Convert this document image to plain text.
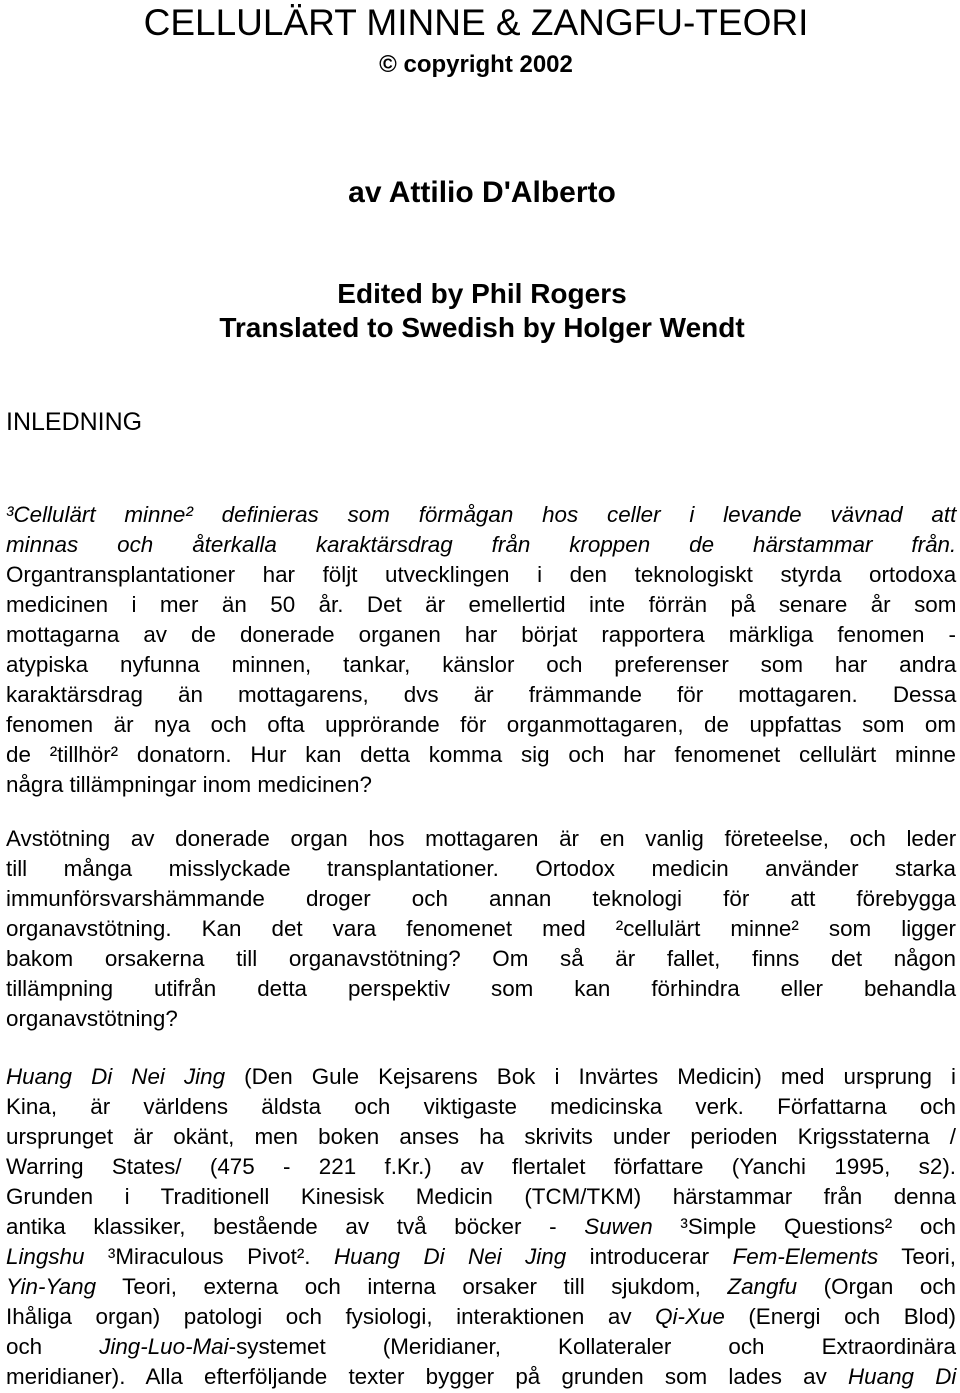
CELLULÄRT MINNE & ZANGFU-TEORI
© copyright 2002
av Attilio D'Alberto
Edited by Phil Rogers
Translated to Swedish by Holger Wendt
INLEDNING
³Cellulärt minne² definieras som förmågan hos celler i levande vävnad att
minnas och återkalla karaktärsdrag från kroppen de härstammar från.
Organtransplantationer har följt utvecklingen i den teknologiskt styrda ortodoxa
medicinen i mer än 50 år. Det är emellertid inte förrän på senare år som
mottagarna av de donerade organen har börjat rapportera märkliga fenomen -
atypiska nyfunna minnen, tankar, känslor och preferenser som har andra
karaktärsdrag än mottagarens, dvs är främmande för mottagaren. Dessa
fenomen är nya och ofta upprörande för organmottagaren, de uppfattas som om
de ²tillhör² donatorn. Hur kan detta komma sig och har fenomenet cellulärt minne
några tillämpningar inom medicinen?
Avstötning av donerade organ hos mottagaren är en vanlig företeelse, och leder
till många misslyckade transplantationer. Ortodox medicin använder starka
immunförsvarshämmande droger och annan teknologi för att förebygga
organavstötning. Kan det vara fenomenet med ²cellulärt minne² som ligger
bakom orsakerna till organavstötning? Om så är fallet, finns det någon
tillämpning utifrån detta perspektiv som kan förhindra eller behandla
organavstötning?
Huang Di Nei Jing (Den Gule Kejsarens Bok i Invärtes Medicin) med ursprung i
Kina, är världens äldsta och viktigaste medicinska verk. Författarna och
ursprunget är okänt, men boken anses ha skrivits under perioden Krigsstaterna /
Warring States/ (475 - 221 f.Kr.) av flertalet författare (Yanchi 1995, s2).
Grunden i Traditionell Kinesisk Medicin (TCM/TKM) härstammar från denna
antika klassiker, bestående av två böcker - Suwen ³Simple Questions² och
Lingshu ³Miraculous Pivot². Huang Di Nei Jing introducerar Fem-Elements Teori,
Yin-Yang Teori, externa och interna orsaker till sjukdom, Zangfu (Organ och
Ihåliga organ) patologi och fysiologi, interaktionen av Qi-Xue (Energi och Blod)
och Jing-Luo-Mai-systemet (Meridianer, Kollateraler och Extraordinära
meridianer). Alla efterföljande texter bygger på grunden som lades av Huang Di
